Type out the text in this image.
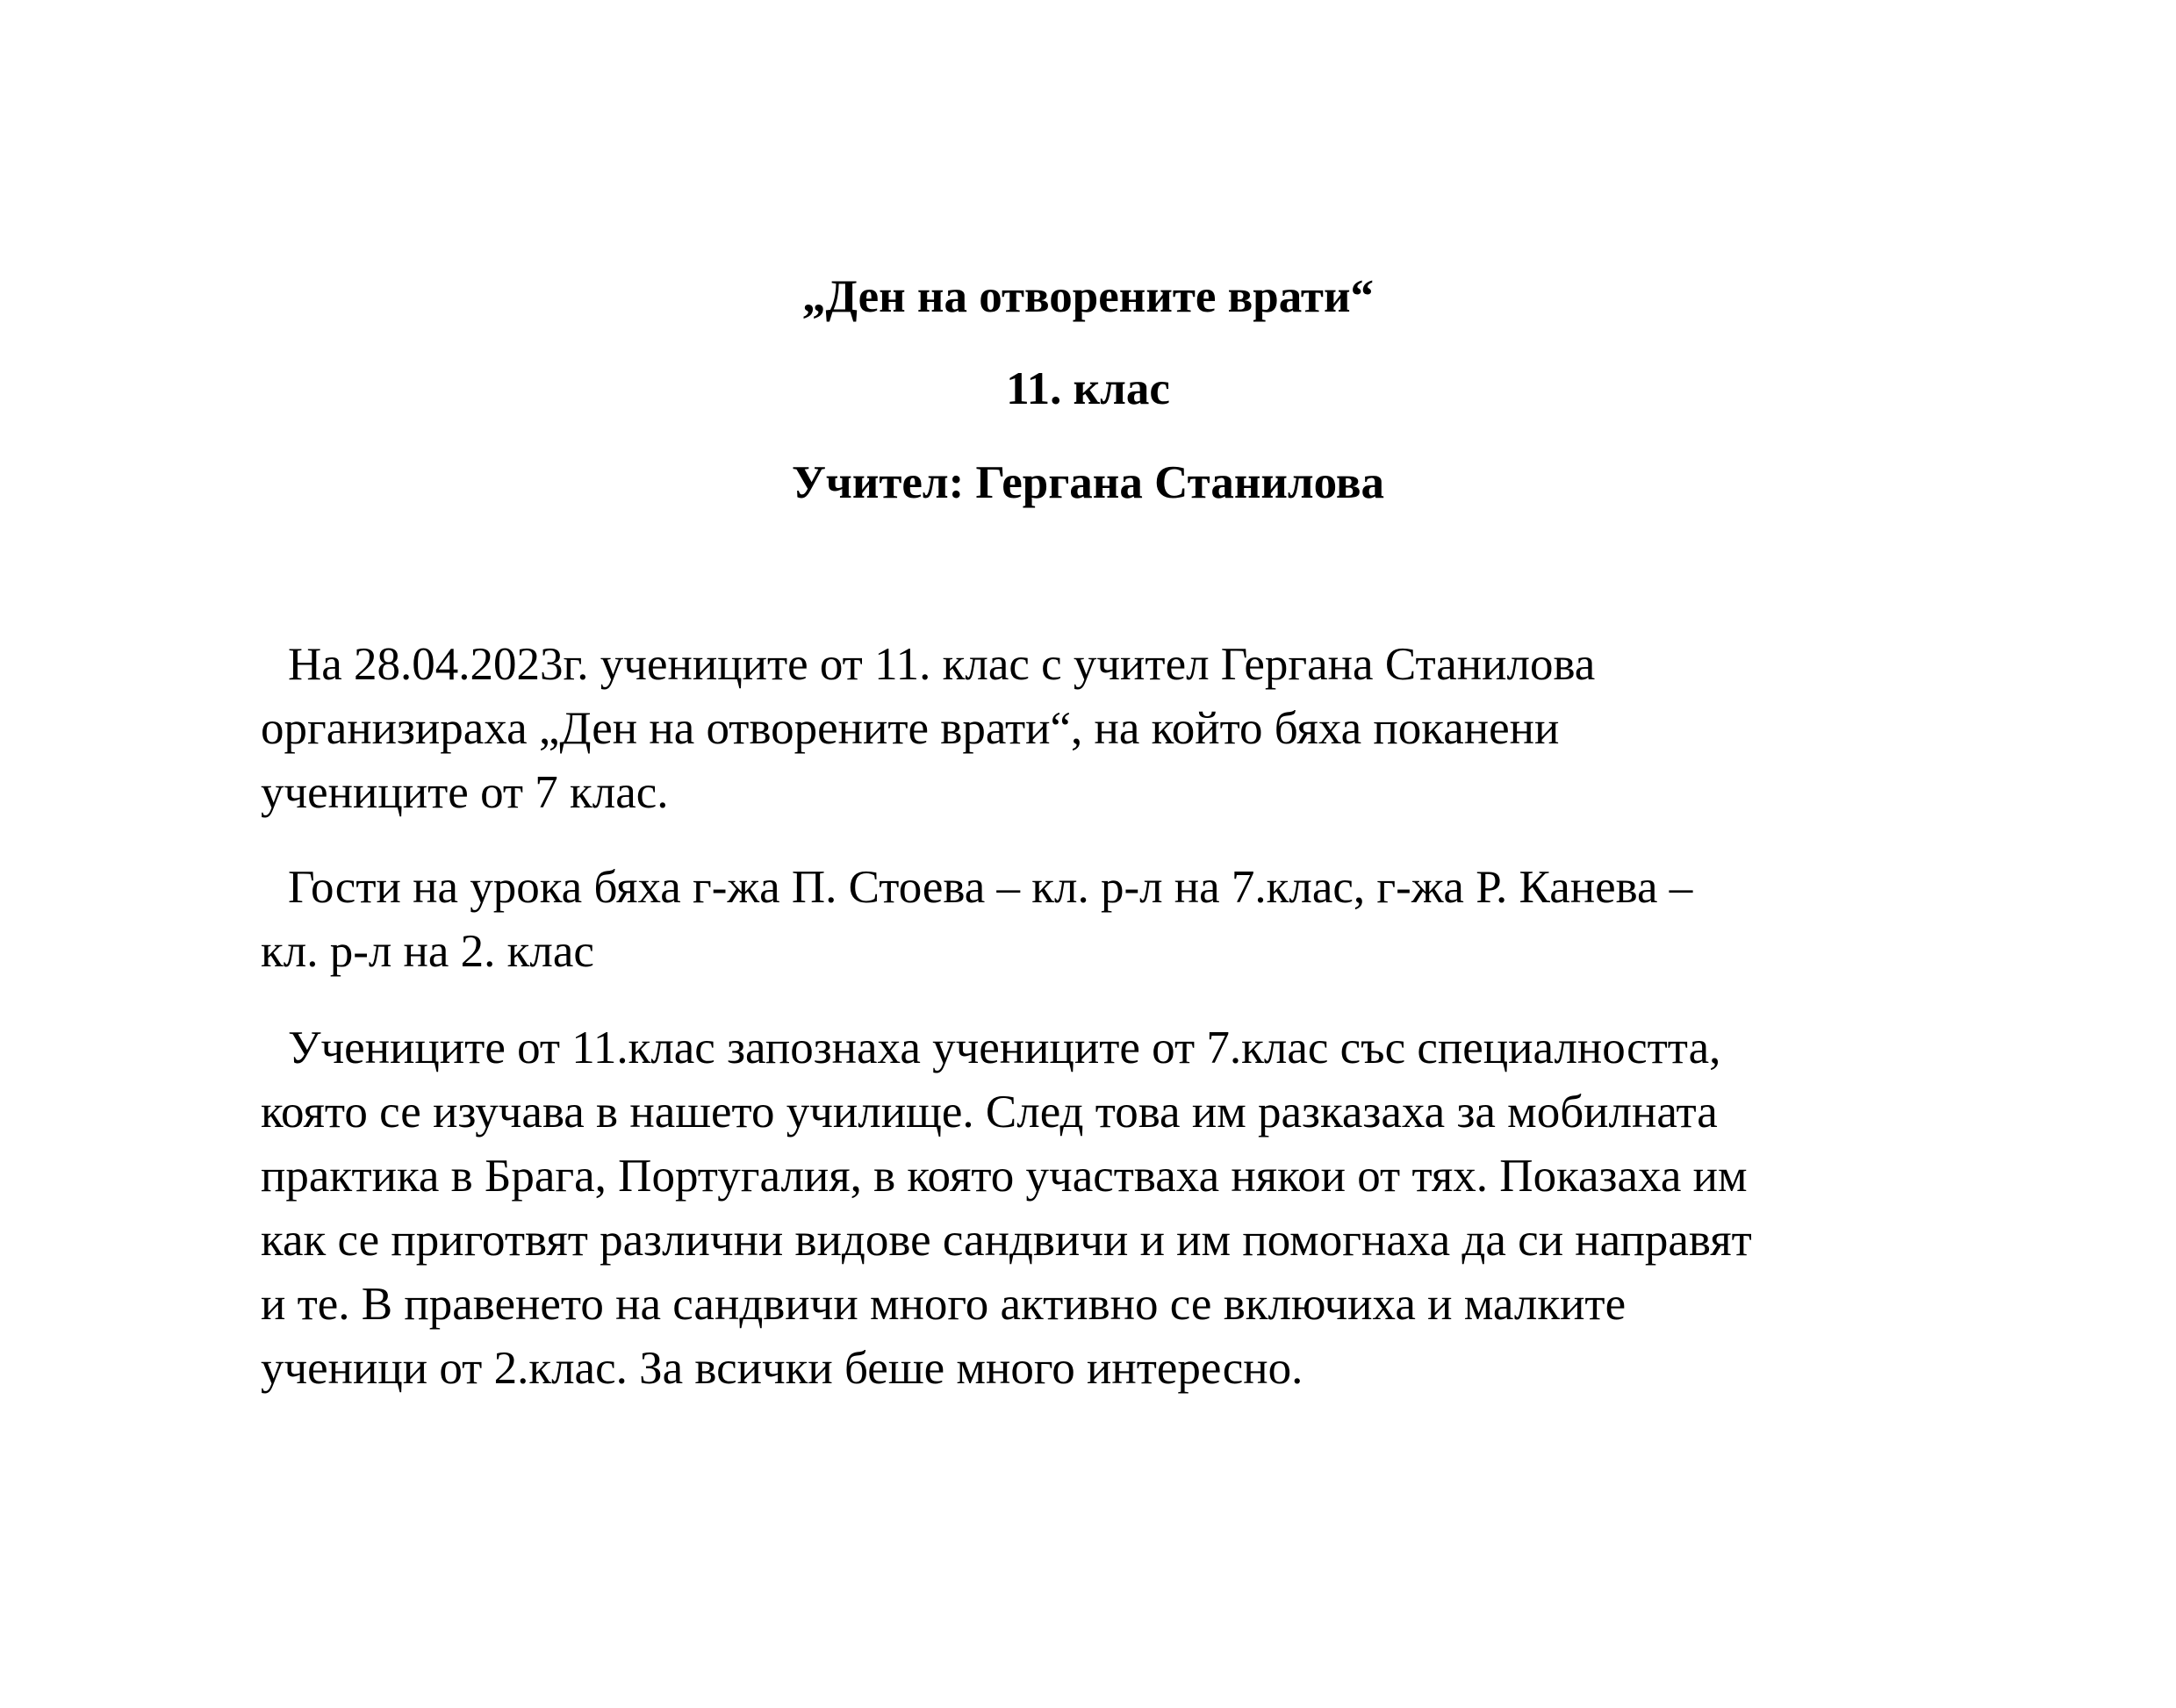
„Ден на отворените врати“
11. клас
Учител: Гергана Станилова

На 28.04.2023г. учениците от 11. клас с учител Гергана Станилова
организираха „Ден на отворените врати“, на който бяха поканени
учениците от 7 клас.

Гости на урока бяха г-жа П. Стоева – кл. р-л на 7.клас, г-жа Р. Канева –
кл. р-л на 2. клас

Учениците от 11.клас запознаха учениците от 7.клас със специалността,
която се изучава в нашето училище. След това им разказаха за мобилната
практика в Брага, Португалия, в която участваха някои от тях. Показаха им
как се приготвят различни видове сандвичи и им помогнаха да си направят
и те. В правенето на сандвичи много активно се включиха и малките
ученици от 2.клас. За всички беше много интересно.
